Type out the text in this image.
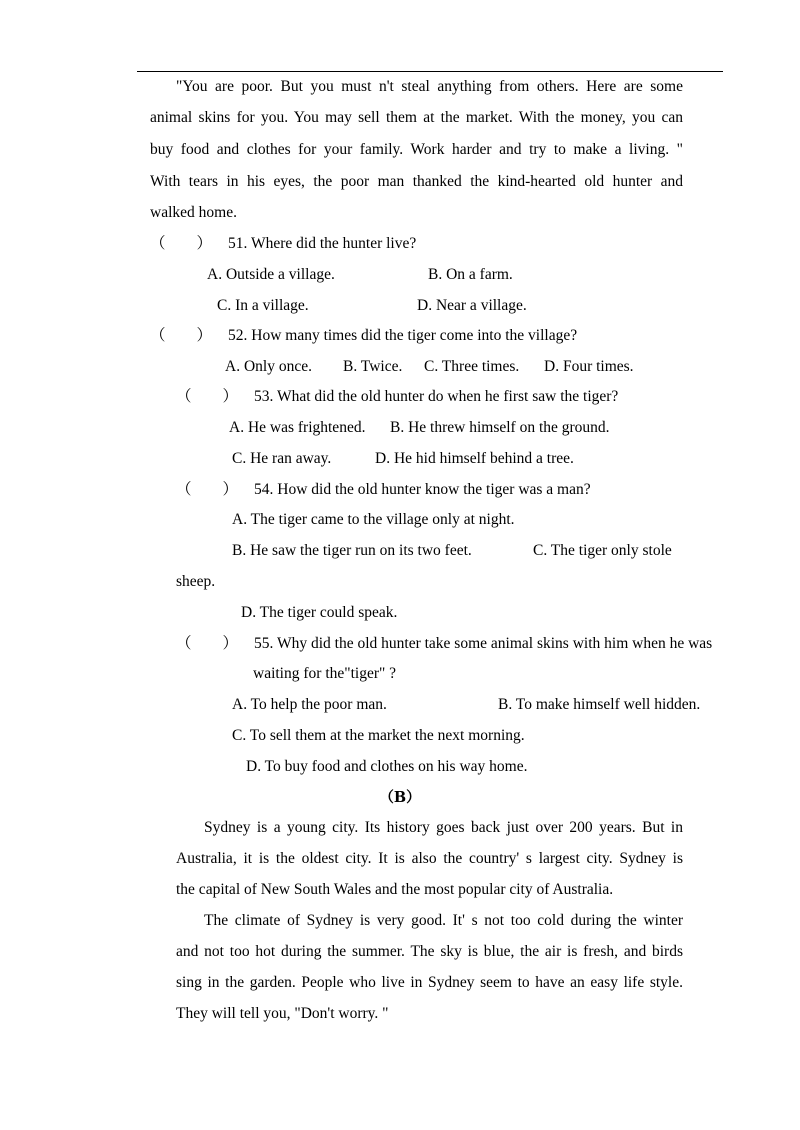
"You are poor. But you must n't steal anything from others. Here are some
animal skins for you. You may sell them at the market. With the money, you can
buy food and clothes for your family. Work harder and try to make a living. "
With tears in his eyes, the poor man thanked the kind-hearted old hunter and
walked home.
（　　） 51. Where did the hunter live?
A. Outside a village.	B. On a farm.
C. In a village.	D. Near a village.
（　　） 52. How many times did the tiger come into the village?
A. Only once. B. Twice. C. Three times. D. Four times.
（　　） 53. What did the old hunter do when he first saw the tiger?
A. He was frightened. B. He threw himself on the ground.
C. He ran away.	D. He hid himself behind a tree.
（　　） 54. How did the old hunter know the tiger was a man?
A. The tiger came to the village only at night.
B. He saw the tiger run on its two feet.	C. The tiger only stole
sheep.
D. The tiger could speak.
（　　） 55. Why did the old hunter take some animal skins with him when he was
waiting for the"tiger" ?
A. To help the poor man.	B. To make himself well hidden.
C. To sell them at the market the next morning.
D. To buy food and clothes on his way home.
（B）
Sydney is a young city. Its history goes back just over 200 years. But in
Australia, it is the oldest city. It is also the country' s largest city. Sydney is
the capital of New South Wales and the most popular city of Australia.
The climate of Sydney is very good. It' s not too cold during the winter
and not too hot during the summer. The sky is blue, the air is fresh, and birds
sing in the garden. People who live in Sydney seem to have an easy life style.
They will tell you, "Don't worry. "
